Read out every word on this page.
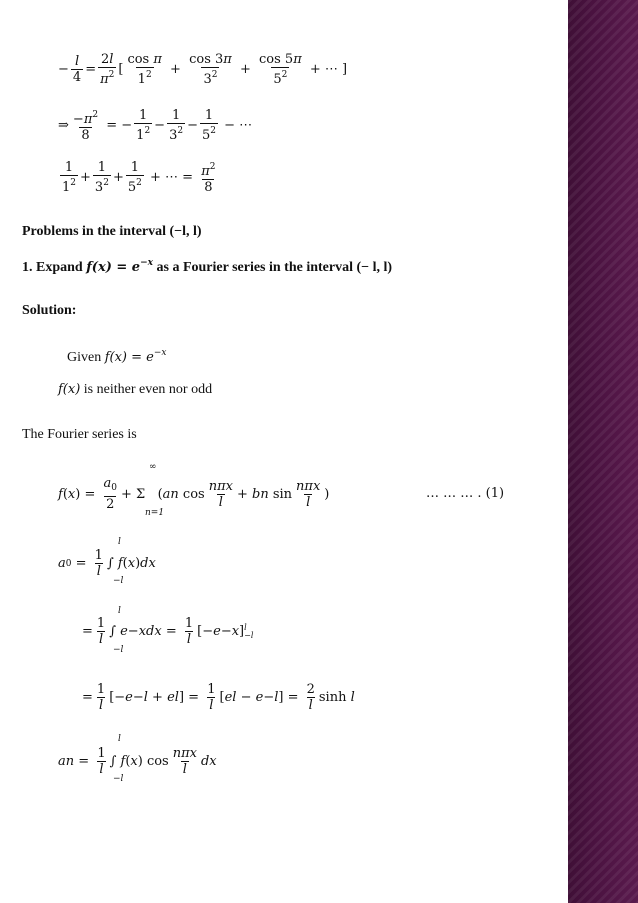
− $\frac{l}{4} = \frac{2l}{\pi^2}$ [ $\frac{\text{cos π}}{1^2} + \frac{\cos 3\pi}{3^2} + \frac{\cos 5\pi}{5^2}$ + ⋯ ]
⇒ $\frac{-\pi^2}{8}$ = − $\frac{1}{1^2} - \frac{1}{3^2} - \frac{1}{5^2}$ − ⋯
$\frac{1}{1^2} + \frac{1}{3^2} + \frac{1}{5^2}$ + ⋯ = $\frac{\pi^2}{8}$
Problems in the interval (−l, l)
1. Expand $f(x) = e^{-x}$ as a Fourier series in the interval (− l, l)
Solution:
Given $f(x) = e^{-x}$
f(x) is neither even nor odd
The Fourier series is
∞
f ( x ) = $\frac{a_0}{2} + \Sigma$   ( a n $\cos \frac{\text{nπx}}{l} + b$ n $\sin \frac{\text{nπx}}{l}$ )
n=1
… … … . (1)
l
a $0 = \frac{1}{l}$ ∫ f ( x ) dx
−l
l
= $\frac{1}{l}$ ∫ e −x dx = $\frac{1}{l}$ [− e −x ] l
−l
−l
= $\frac{1}{l}$ [− e −l + e l ] = $\frac{1}{l}$ [ e l − e −l ] = $\frac{2}{l}$ sinh l
l
a $n = \frac{1}{l}$ ∫ f ( x ) $\cos \frac{\text{nπx}}{l}$ dx
−l
